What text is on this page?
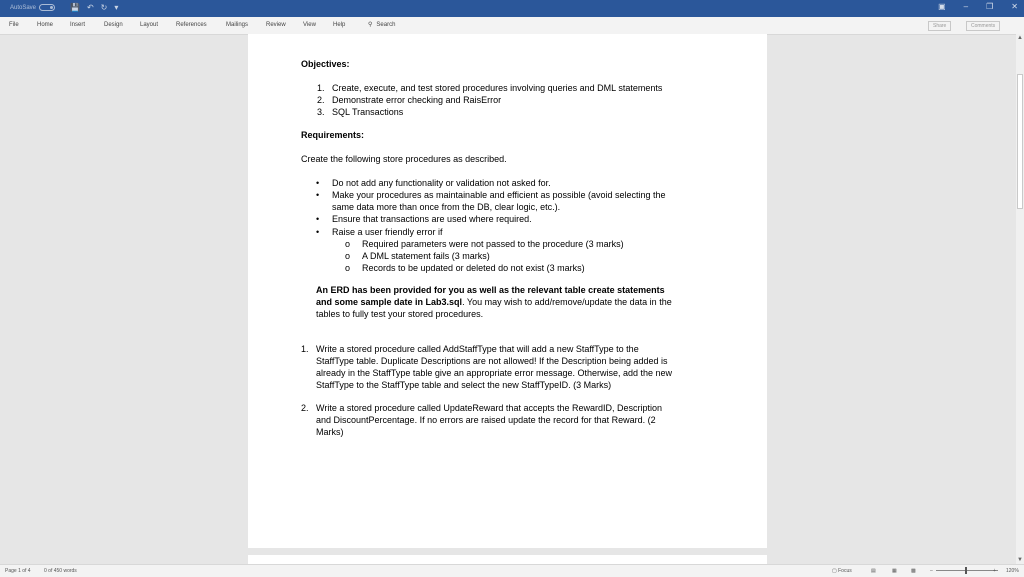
AutoSave	💾 ↶ ↻ ▾	▣ – ❐ ✕
File	Home	Insert	Design	Layout	References	Mailings	Review	View	Help	⚲ Search	Share	Comments
Objectives:
1. Create, execute, and test stored procedures involving queries and DML statements
2. Demonstrate error checking and RaisError
3. SQL Transactions
Requirements:
Create the following store procedures as described.
• Do not add any functionality or validation not asked for.
• Make your procedures as maintainable and efficient as possible (avoid selecting the
same data more than once from the DB, clear logic, etc.).
• Ensure that transactions are used where required.
• Raise a user friendly error if
o Required parameters were not passed to the procedure (3 marks)
o A DML statement fails (3 marks)
o Records to be updated or deleted do not exist (3 marks)
An ERD has been provided for you as well as the relevant table create statements
and some sample date in Lab3.sql. You may wish to add/remove/update the data in the
tables to fully test your stored procedures.
1. Write a stored procedure called AddStaffType that will add a new StaffType to the
StaffType table. Duplicate Descriptions are not allowed! If the Description being added is
already in the StaffType table give an appropriate error message. Otherwise, add the new
StaffType to the StaffType table and select the new StaffTypeID. (3 Marks)
2. Write a stored procedure called UpdateReward that accepts the RewardID, Description
and DiscountPercentage. If no errors are raised update the record for that Reward. (2
Marks)
▲
▼
Page 1 of 4	0 of 450 words	▢ Focus	▤	▦	▩	–	+ 120%
